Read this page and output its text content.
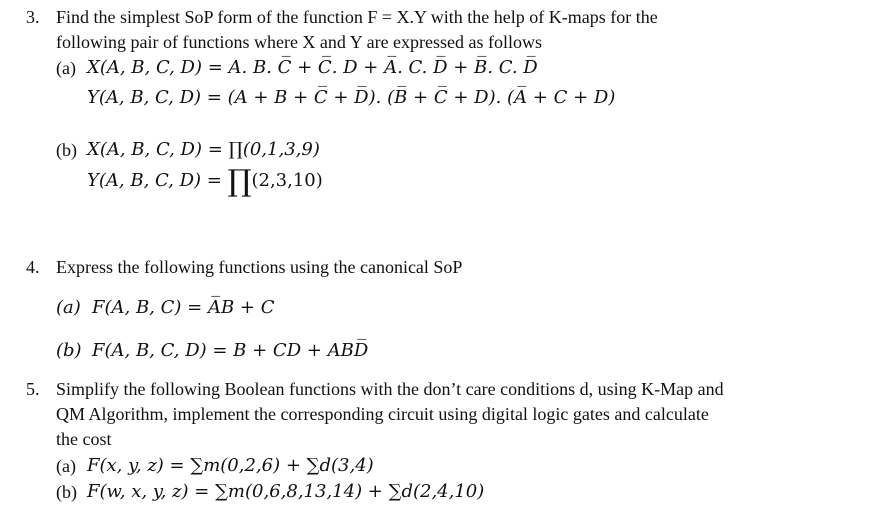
3. Find the simplest SoP form of the function F = X.Y with the help of K-maps for the
following pair of functions where X and Y are expressed as follows
(a) X(A, B, C, D) = A. B. C̅ + C̅. D + A̅. C. D̅ + B̅. C. D̅
Y(A, B, C, D) = (A + B + C̅ + D̅). (B̅ + C̅ + D). (A̅ + C + D)
(b) X(A, B, C, D) = ∏(0,1,3,9)
Y(A, B, C, D) = ∏(2,3,10)
4. Express the following functions using the canonical SoP
(a) F(A, B, C) = A̅B + C
(b) F(A, B, C, D) = B + CD + ABD̅
5. Simplify the following Boolean functions with the don’t care conditions d, using K-Map and
QM Algorithm, implement the corresponding circuit using digital logic gates and calculate
the cost
(a) F(x, y, z) = ∑m(0,2,6) + ∑d(3,4)
(b) F(w, x, y, z) = ∑m(0,6,8,13,14) + ∑d(2,4,10)
